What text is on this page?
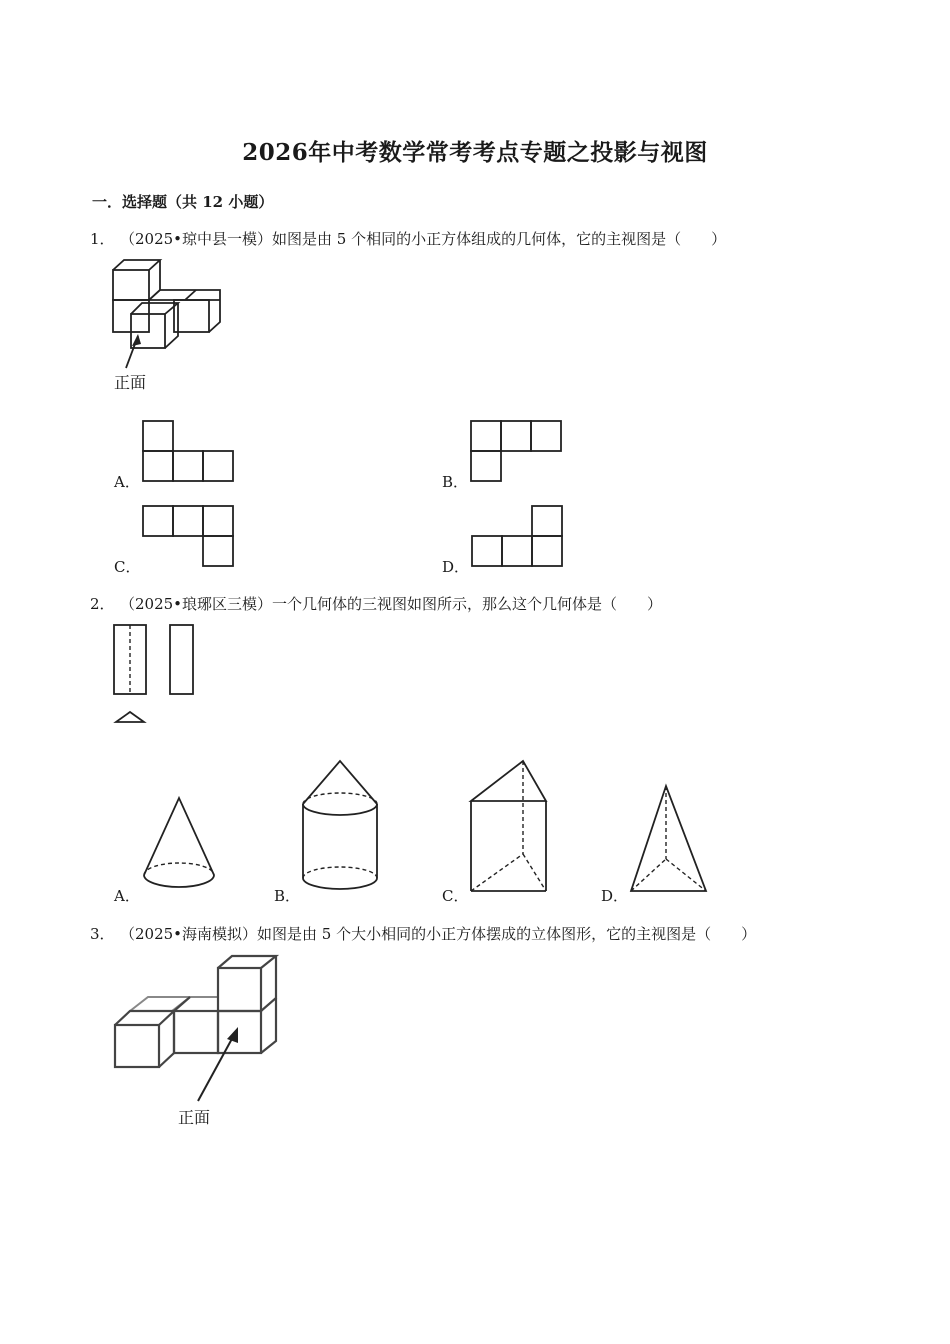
2026年中考数学常考考点专题之投影与视图
一．选择题（共 12 小题）
1． （2025•琼中县一模）如图是由 5 个相同的小正方体组成的几何体，它的主视图是（　　）
正面
A．	B．
C．	D．
2． （2025•琅琊区三模）一个几何体的三视图如图所示，那么这个几何体是（　　）
A．	B．	C．	D．
3． （2025•海南模拟）如图是由 5 个大小相同的小正方体摆成的立体图形，它的主视图是（　　）
正面
